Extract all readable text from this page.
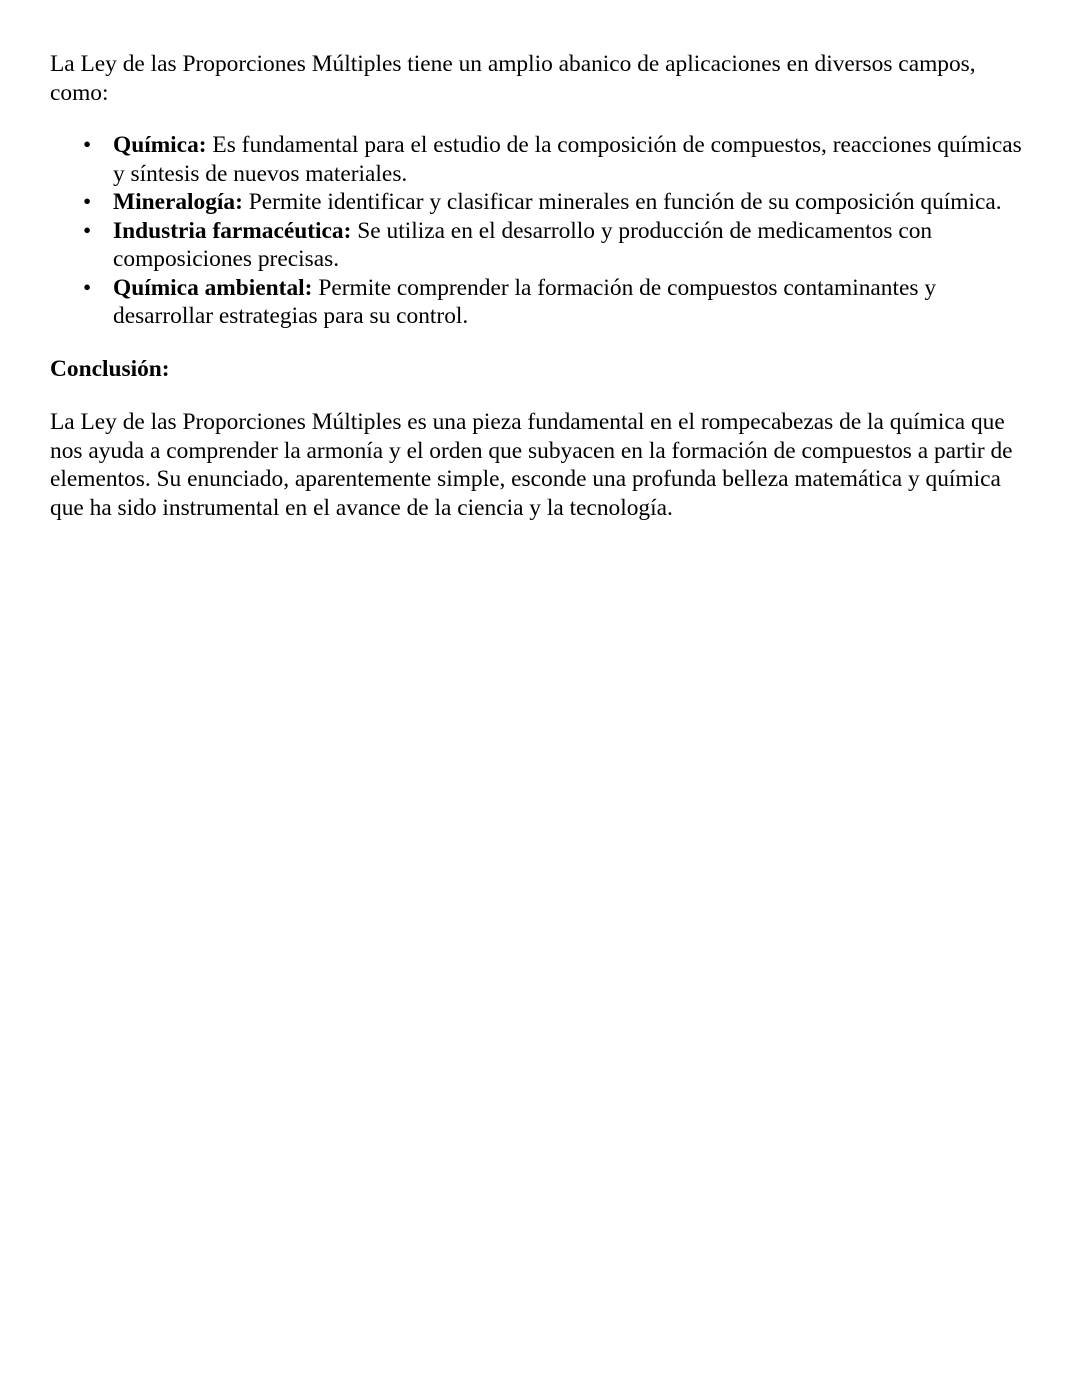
La Ley de las Proporciones Múltiples tiene un amplio abanico de aplicaciones en diversos campos, como:

• Química: Es fundamental para el estudio de la composición de compuestos, reacciones químicas y síntesis de nuevos materiales.
• Mineralogía: Permite identificar y clasificar minerales en función de su composición química.
• Industria farmacéutica: Se utiliza en el desarrollo y producción de medicamentos con composiciones precisas.
• Química ambiental: Permite comprender la formación de compuestos contaminantes y desarrollar estrategias para su control.
Conclusión:

La Ley de las Proporciones Múltiples es una pieza fundamental en el rompecabezas de la química que nos ayuda a comprender la armonía y el orden que subyacen en la formación de compuestos a partir de elementos. Su enunciado, aparentemente simple, esconde una profunda belleza matemática y química que ha sido instrumental en el avance de la ciencia y la tecnología.
